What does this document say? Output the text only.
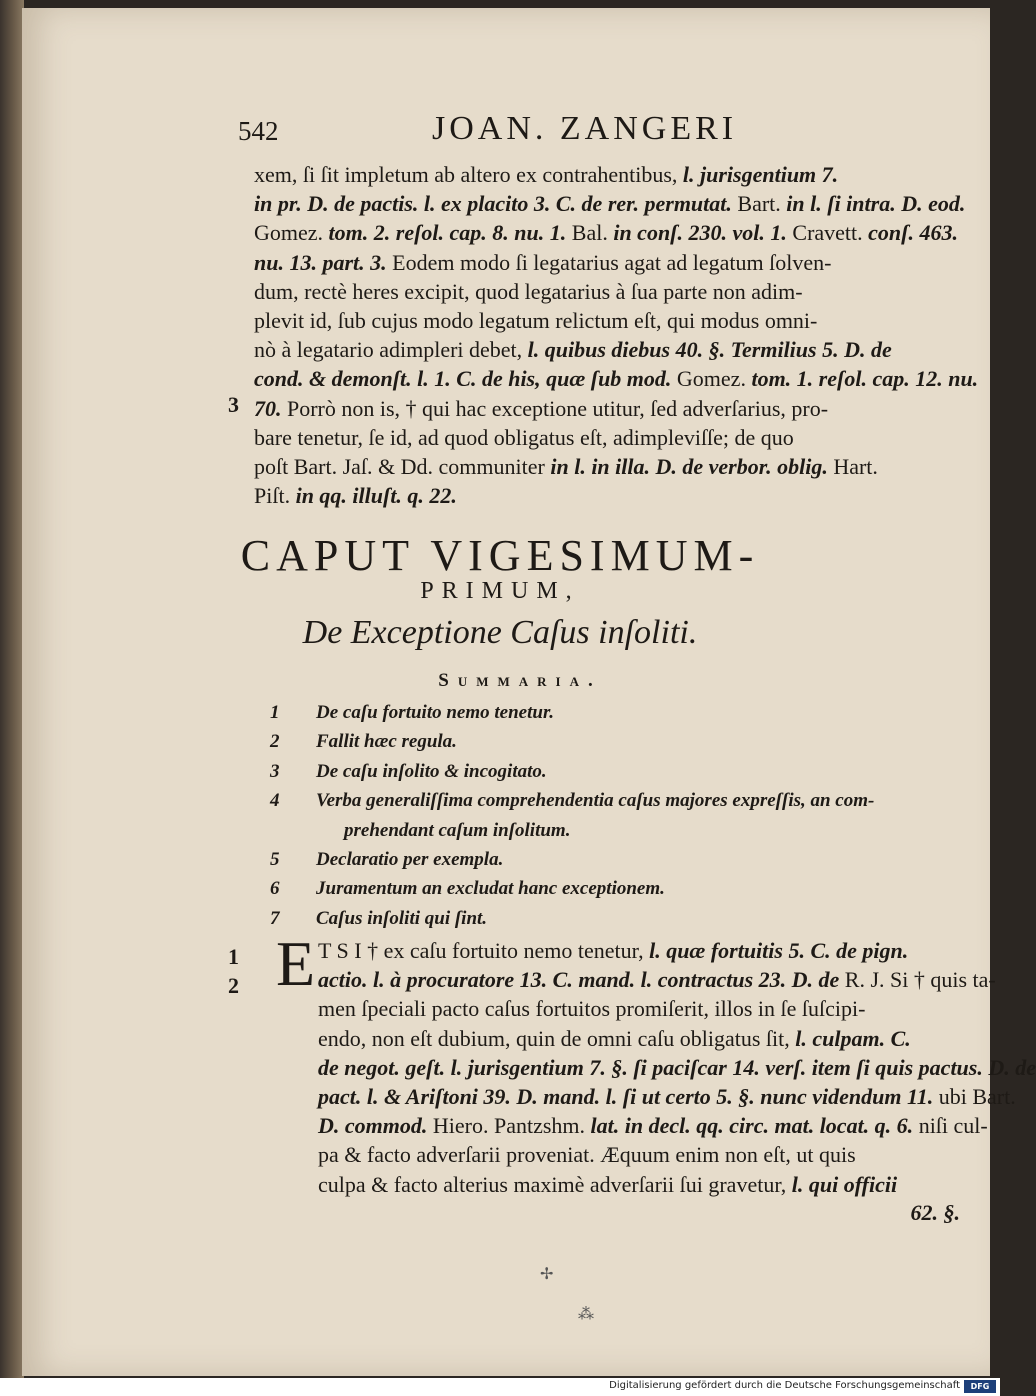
542	JOAN. ZANGERI
3
xem, ſi ſit impletum ab altero ex contrahentibus, l. jurisgentium 7.
in pr. D. de pactis. l. ex placito 3. C. de rer. permutat. Bart. in l. ſi intra. D. eod.
Gomez. tom. 2. reſol. cap. 8. nu. 1. Bal. in conſ. 230. vol. 1. Cravett. conſ. 463.
nu. 13. part. 3. Eodem modo ſi legatarius agat ad legatum ſolven-
dum, rectè heres excipit, quod legatarius à ſua parte non adim-
plevit id, ſub cujus modo legatum relictum eſt, qui modus omni-
nò à legatario adimpleri debet, l. quibus diebus 40. §. Termilius 5. D. de
cond. & demonſt. l. 1. C. de his, quæ ſub mod. Gomez. tom. 1. reſol. cap. 12. nu.
70. Porrò non is, † qui hac exceptione utitur, ſed adverſarius, pro-
bare tenetur, ſe id, ad quod obligatus eſt, adimpleviſſe; de quo
poſt Bart. Jaſ. & Dd. communiter in l. in illa. D. de verbor. oblig. Hart.
Piſt. in qq. illuſt. q. 22.
CAPUT VIGESIMUM-
PRIMUM,
De Exceptione Caſus inſoliti.
Summaria.
1 De caſu fortuito nemo tenetur.
2 Fallit hæc regula.
3 De caſu inſolito & incogitato.
4 Verba generaliſſima comprehendentia caſus majores expreſſis, an com-
prehendant caſum inſolitum.
5 Declaratio per exempla.
6 Juramentum an excludat hanc exceptionem.
7 Caſus inſoliti qui ſint.
1
2 E T S I † ex caſu fortuito nemo tenetur, l. quæ fortuitis 5. C. de pign.
actio. l. à procuratore 13. C. mand. l. contractus 23. D. de R. J. Si † quis ta-
men ſpeciali pacto caſus fortuitos promiſerit, illos in ſe ſuſcipi-
endo, non eſt dubium, quin de omni caſu obligatus ſit, l. culpam. C.
de negot. geſt. l. jurisgentium 7. §. ſi paciſcar 14. verſ. item ſi quis pactus. D. de
pact. l. & Ariſtoni 39. D. mand. l. ſi ut certo 5. §. nunc videndum 11. ubi Bart.
D. commod. Hiero. Pantzshm. lat. in decl. qq. circ. mat. locat. q. 6. niſi cul-
pa & facto adverſarii proveniat. Æquum enim non eſt, ut quis
culpa & facto alterius maximè adverſarii ſui gravetur, l. qui officii
62. §.
✢
⁂
Digitalisierung gefördert durch die Deutsche Forschungsgemeinschaft	DFG
